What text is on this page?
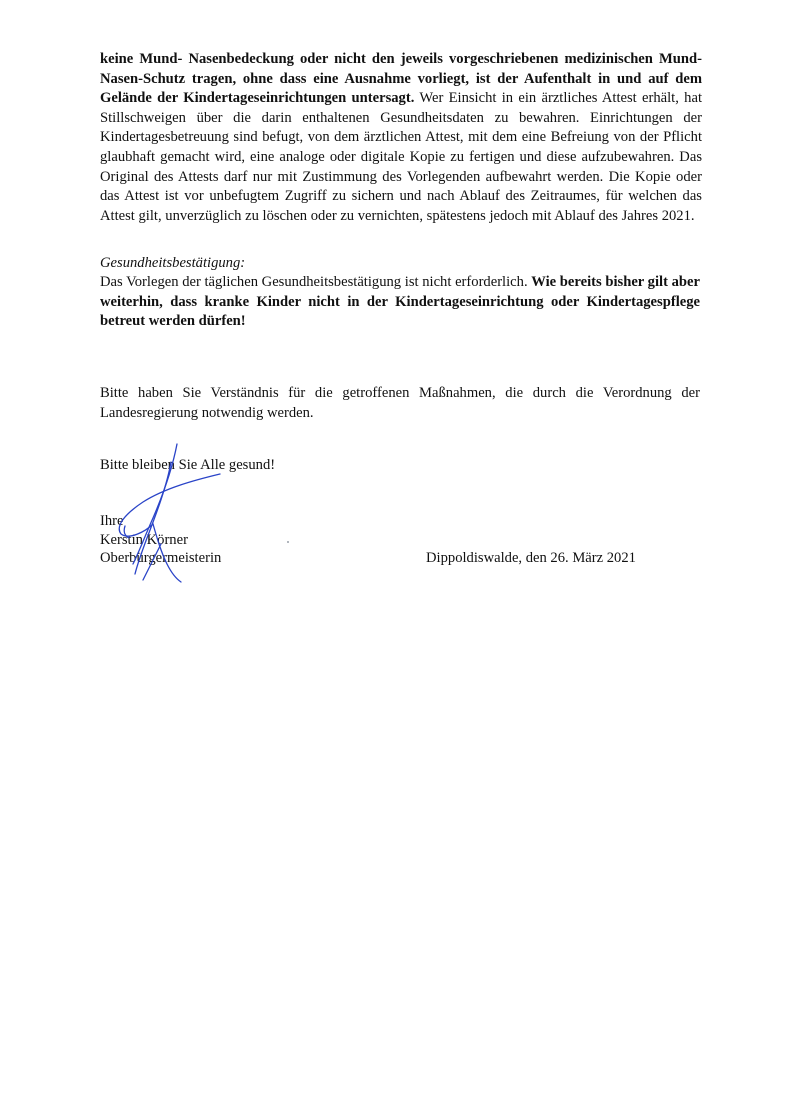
keine Mund- Nasenbedeckung oder nicht den jeweils vorgeschriebenen medizinischen Mund-Nasen-Schutz tragen, ohne dass eine Ausnahme vorliegt, ist der Aufenthalt in und auf dem Gelände der Kindertageseinrichtungen untersagt. Wer Einsicht in ein ärztliches Attest erhält, hat Stillschweigen über die darin enthaltenen Gesundheitsdaten zu bewahren. Einrichtungen der Kindertagesbetreuung sind befugt, von dem ärztlichen Attest, mit dem eine Befreiung von der Pflicht glaubhaft gemacht wird, eine analoge oder digitale Kopie zu fertigen und diese aufzubewahren. Das Original des Attests darf nur mit Zustimmung des Vorlegenden aufbewahrt werden. Die Kopie oder das Attest ist vor unbefugtem Zugriff zu sichern und nach Ablauf des Zeitraumes, für welchen das Attest gilt, unverzüglich zu löschen oder zu vernichten, spätestens jedoch mit Ablauf des Jahres 2021.
Gesundheitsbestätigung:
Das Vorlegen der täglichen Gesundheitsbestätigung ist nicht erforderlich. Wie bereits bisher gilt aber weiterhin, dass kranke Kinder nicht in der Kindertageseinrichtung oder Kindertagespflege betreut werden dürfen!
Bitte haben Sie Verständnis für die getroffenen Maßnahmen, die durch die Verordnung der Landesregierung notwendig werden.
Bitte bleiben Sie Alle gesund!
Ihre
Kerstin Körner
Oberbürgermeisterin	Dippoldiswalde, den 26. März 2021
